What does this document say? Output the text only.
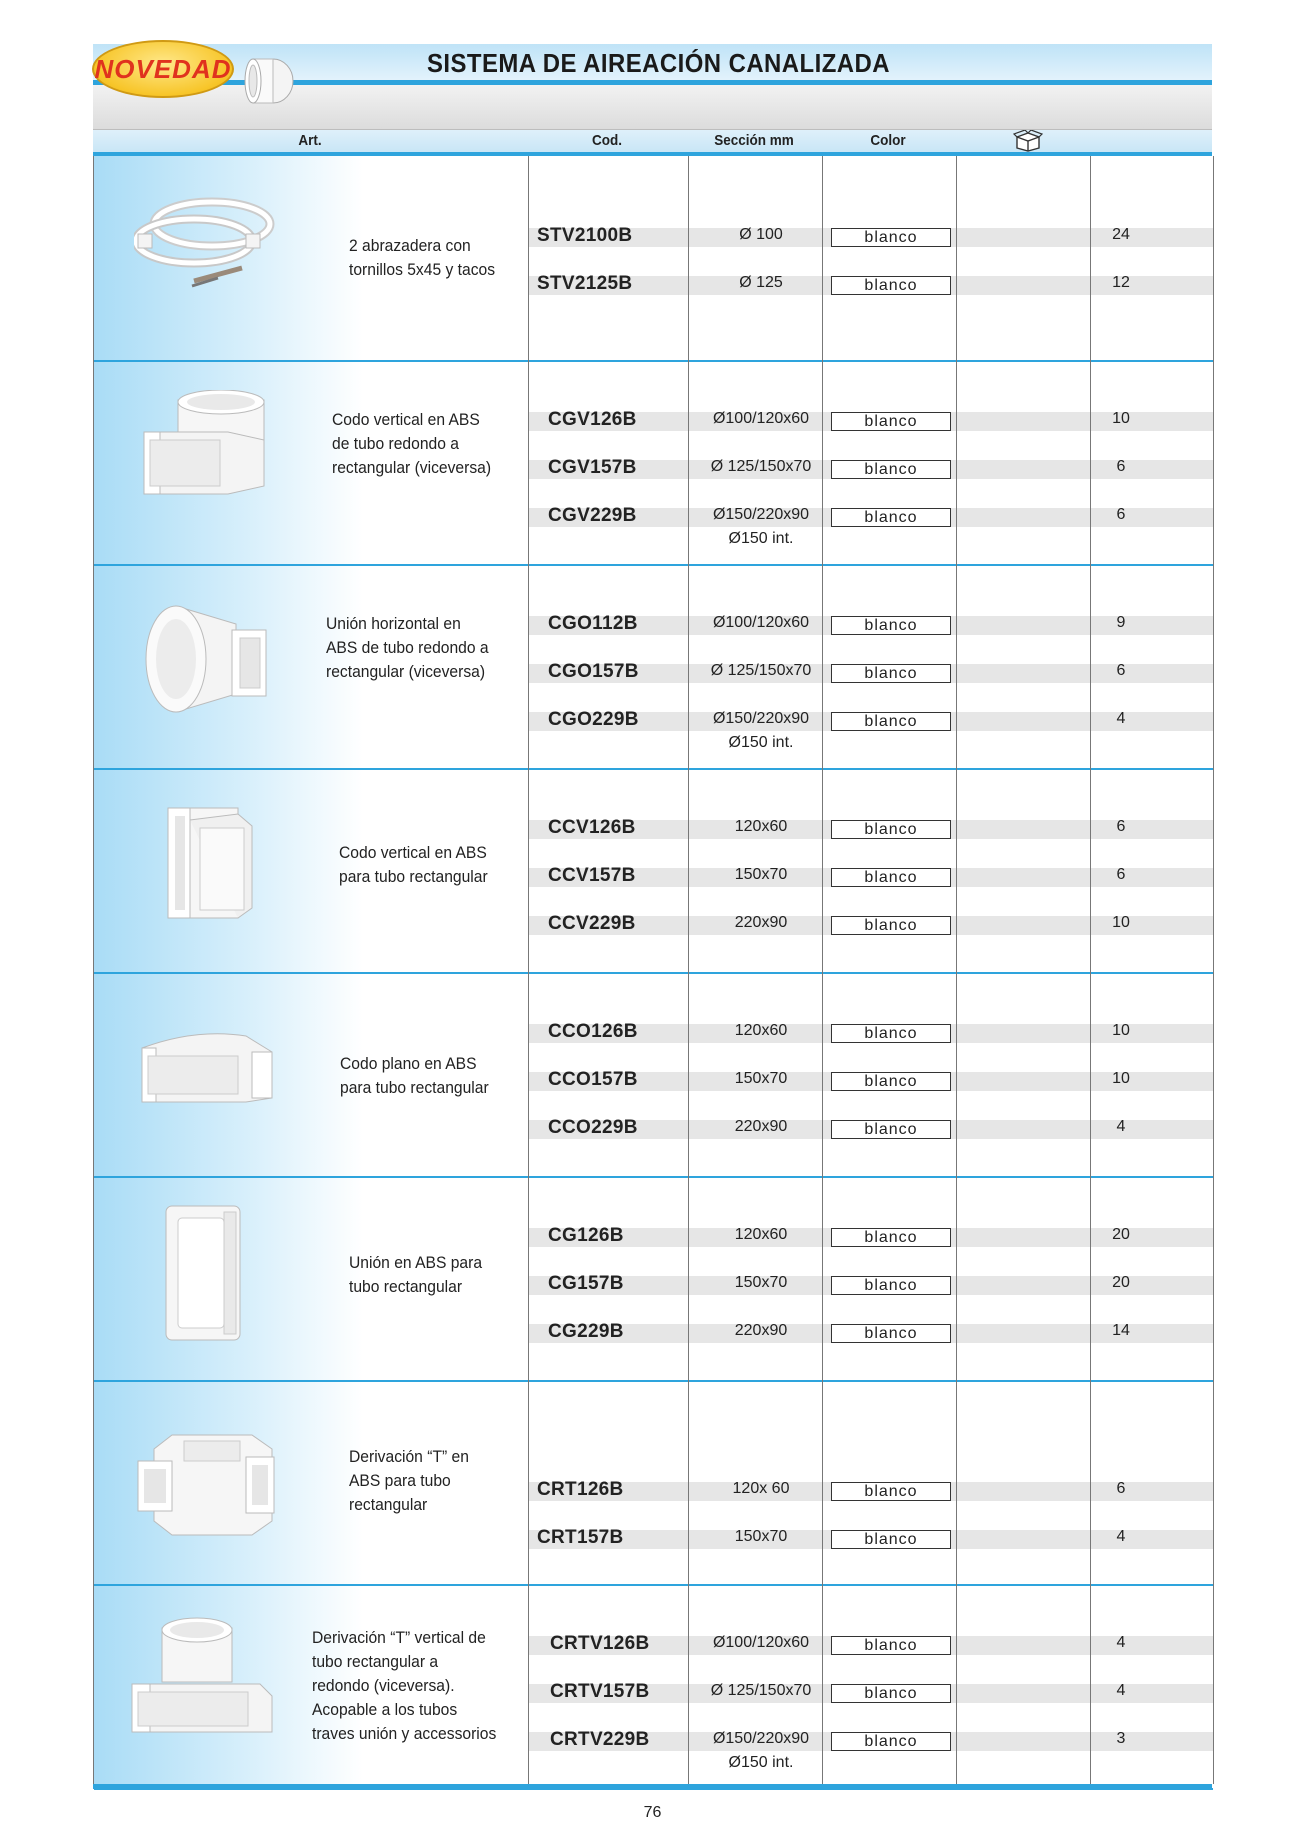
NOVEDAD	SISTEMA DE AIREACIÓN CANALIZADA
Art.	Cod.	Sección mm	Color
Derivación “T” vertical de
tubo rectangular a
redondo (viceversa).
Acopable a los tubos
traves unión y accessorios
CRTV126B	Ø100/120x60	blanco	4
CRTV157B	Ø 125/150x70	blanco	4
CRTV229B	Ø150/220x90	blanco	3
Ø150 int.
Derivación “T” en
ABS para tubo
rectangular
CRT126B	120x 60	blanco	6
CRT157B	150x70	blanco	4
Unión en ABS para
tubo rectangular
CG126B	120x60	blanco	20
CG157B	150x70	blanco	20
CG229B	220x90	blanco	14
Codo plano en ABS
para tubo rectangular
CCO126B	120x60	blanco	10
CCO157B	150x70	blanco	10
CCO229B	220x90	blanco	4
Codo vertical en ABS
para tubo rectangular
CCV126B	120x60	blanco	6
CCV157B	150x70	blanco	6
CCV229B	220x90	blanco	10
Unión horizontal en
ABS de tubo redondo a
rectangular (viceversa)
CGO112B	Ø100/120x60	blanco	9
CGO157B	Ø 125/150x70	blanco	6
CGO229B	Ø150/220x90	blanco	4
Ø150 int.
Codo vertical en ABS
de tubo redondo a
rectangular (viceversa)
CGV126B	Ø100/120x60	blanco	10
CGV157B	Ø 125/150x70	blanco	6
CGV229B	Ø150/220x90	blanco	6
Ø150 int.
2 abrazadera con
tornillos 5x45 y tacos
STV2100B	Ø 100	blanco	24
STV2125B	Ø 125	blanco	12
76
